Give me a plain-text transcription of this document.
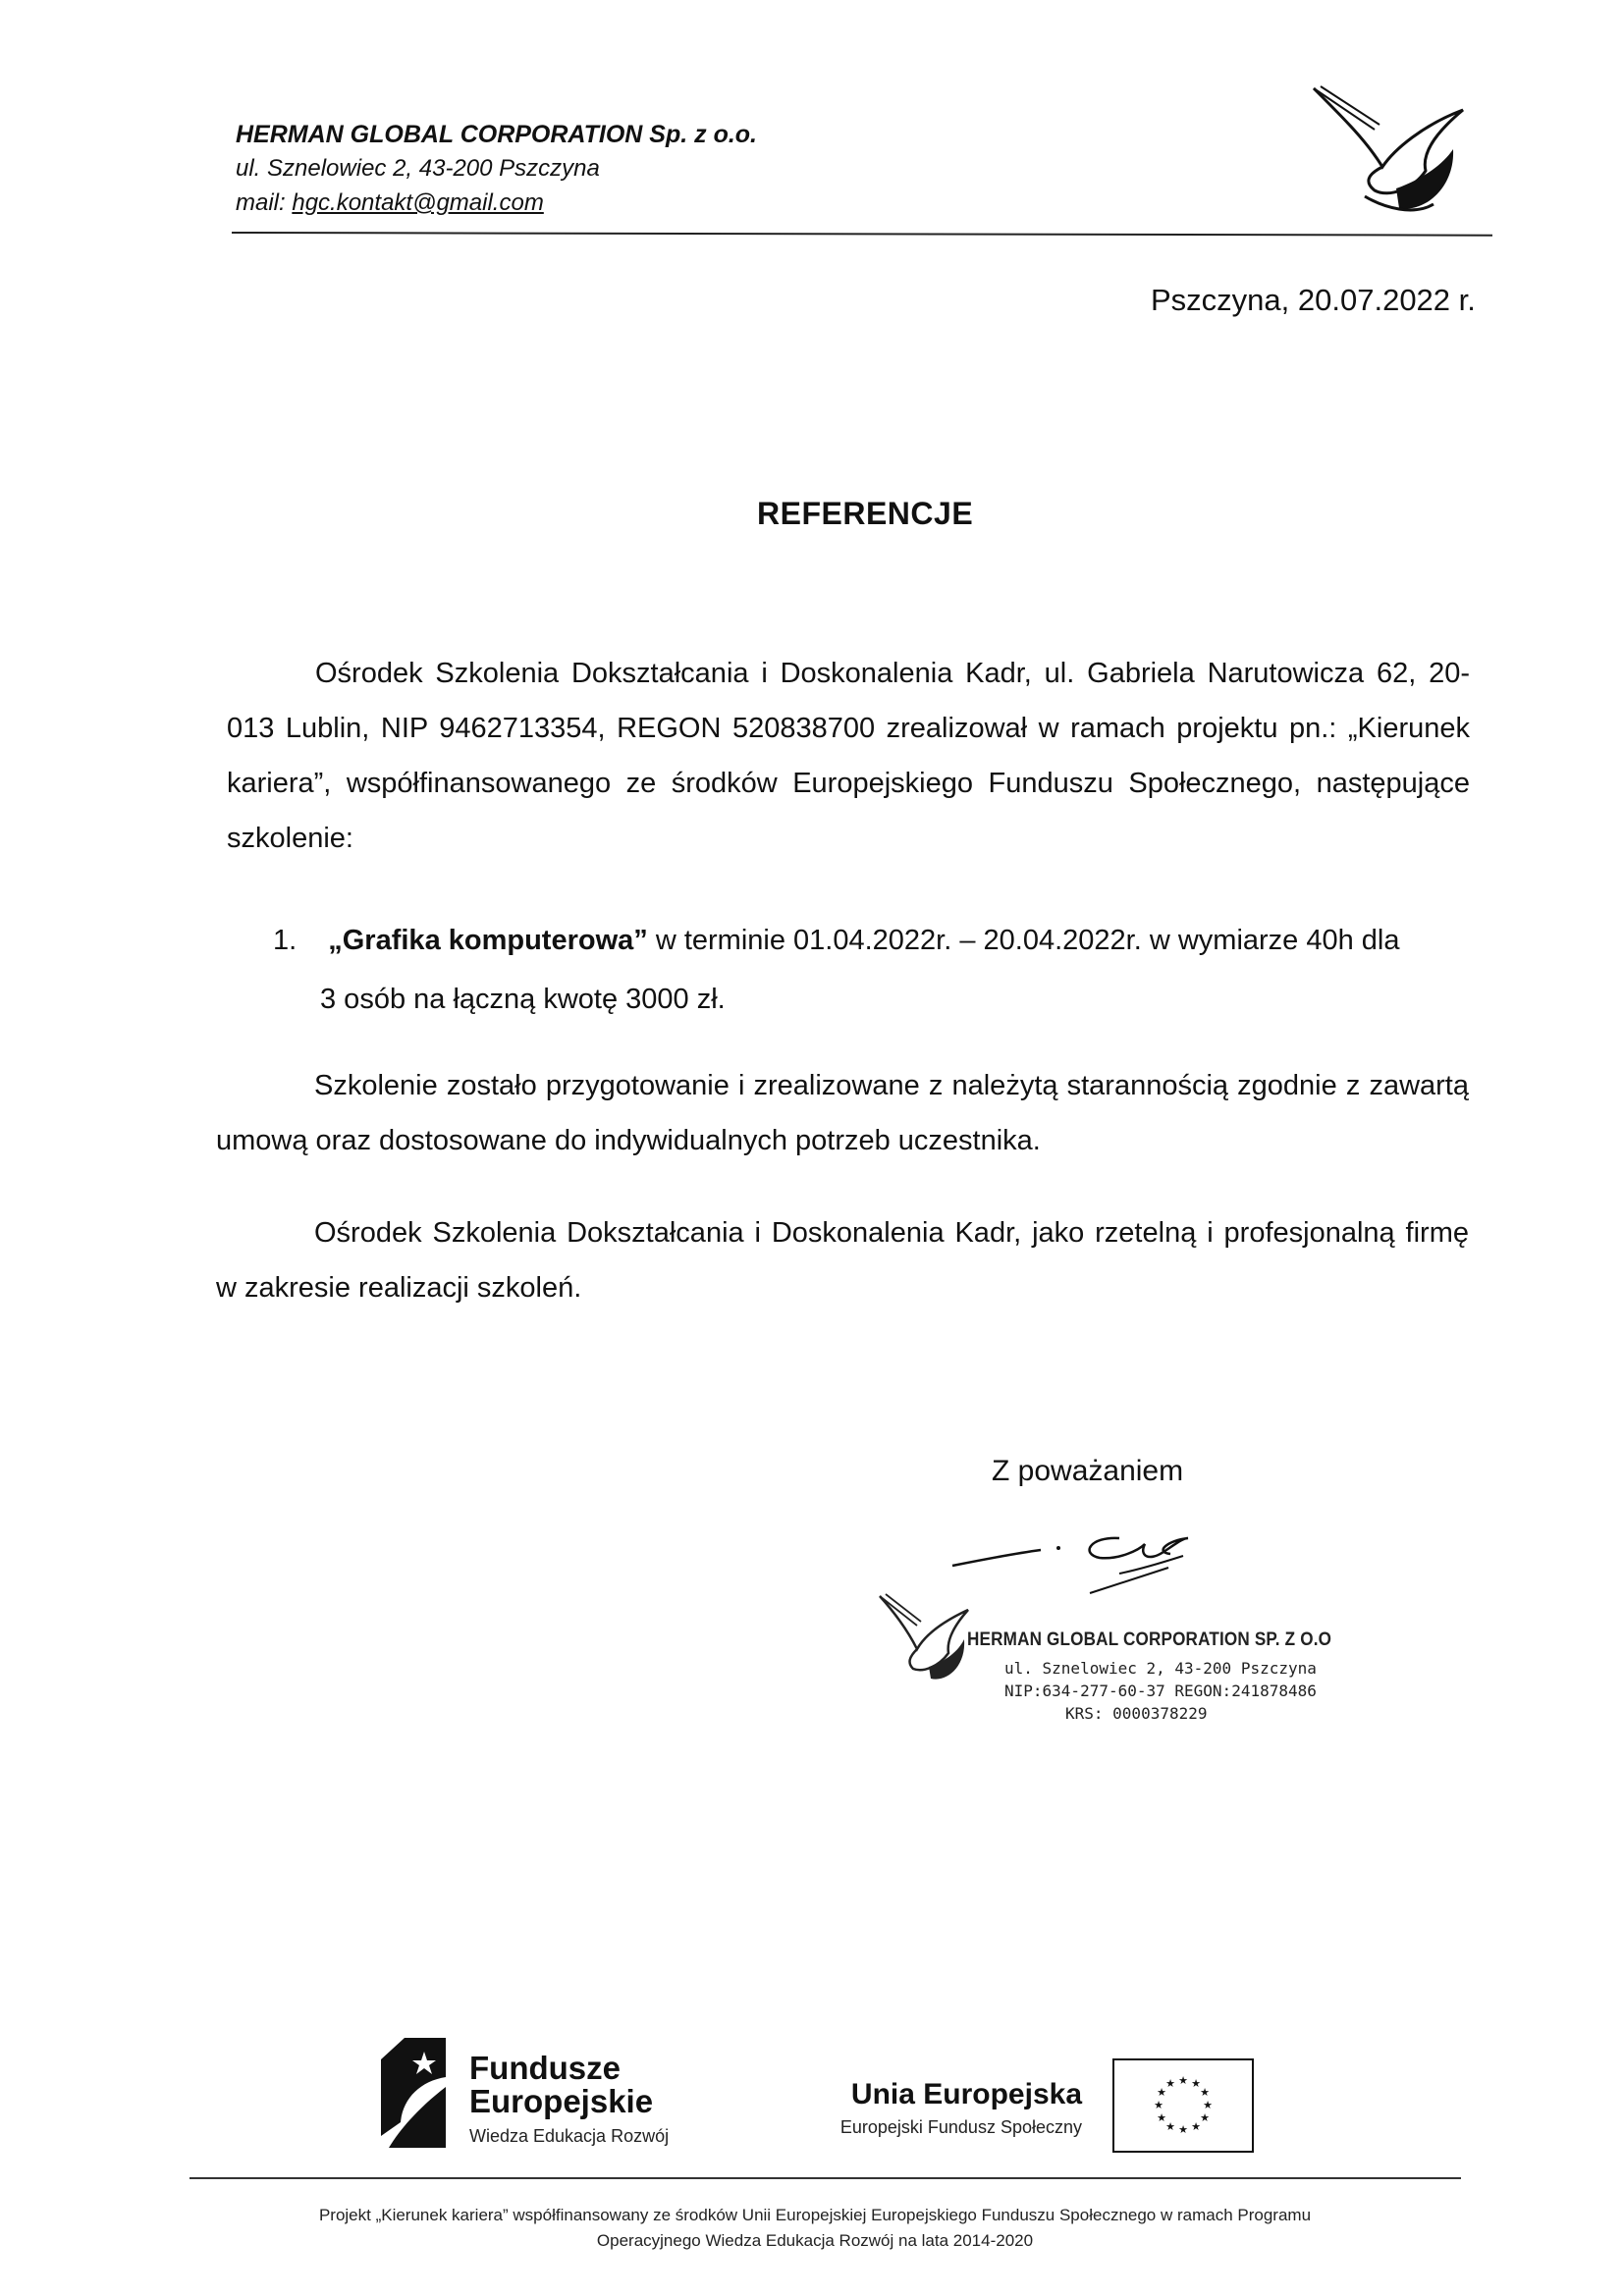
HERMAN GLOBAL CORPORATION Sp. z o.o.
ul. Sznelowiec 2, 43-200 Pszczyna
mail: hgc.kontakt@gmail.com
Pszczyna, 20.07.2022 r.
REFERENCJE
Ośrodek Szkolenia Dokształcania i Doskonalenia Kadr, ul. Gabriela Narutowicza 62, 20-013 Lublin, NIP 9462713354, REGON 520838700 zrealizował w ramach projektu pn.: „Kierunek kariera”, współfinansowanego ze środków Europejskiego Funduszu Społecznego, następujące szkolenie:
1. „Grafika komputerowa” w terminie 01.04.2022r. – 20.04.2022r. w wymiarze 40h dla
3 osób na łączną kwotę 3000 zł.
Szkolenie zostało przygotowanie i zrealizowane z należytą starannością zgodnie z zawartą umową oraz dostosowane do indywidualnych potrzeb uczestnika.
Ośrodek Szkolenia Dokształcania i Doskonalenia Kadr, jako rzetelną i profesjonalną firmę w zakresie realizacji szkoleń.
Z poważaniem
HERMAN GLOBAL CORPORATION SP. Z O.O
ul. Sznelowiec 2, 43-200 Pszczyna
NIP:634-277-60-37 REGON:241878486
KRS: 0000378229
Fundusze
Europejskie
Wiedza Edukacja Rozwój
Unia Europejska
Europejski Fundusz Społeczny
★ ★
★
★
★
★
★
★
★
★
★
★
Projekt „Kierunek kariera” współfinansowany ze środków Unii Europejskiej Europejskiego Funduszu Społecznego w ramach Programu
Operacyjnego Wiedza Edukacja Rozwój na lata 2014-2020
